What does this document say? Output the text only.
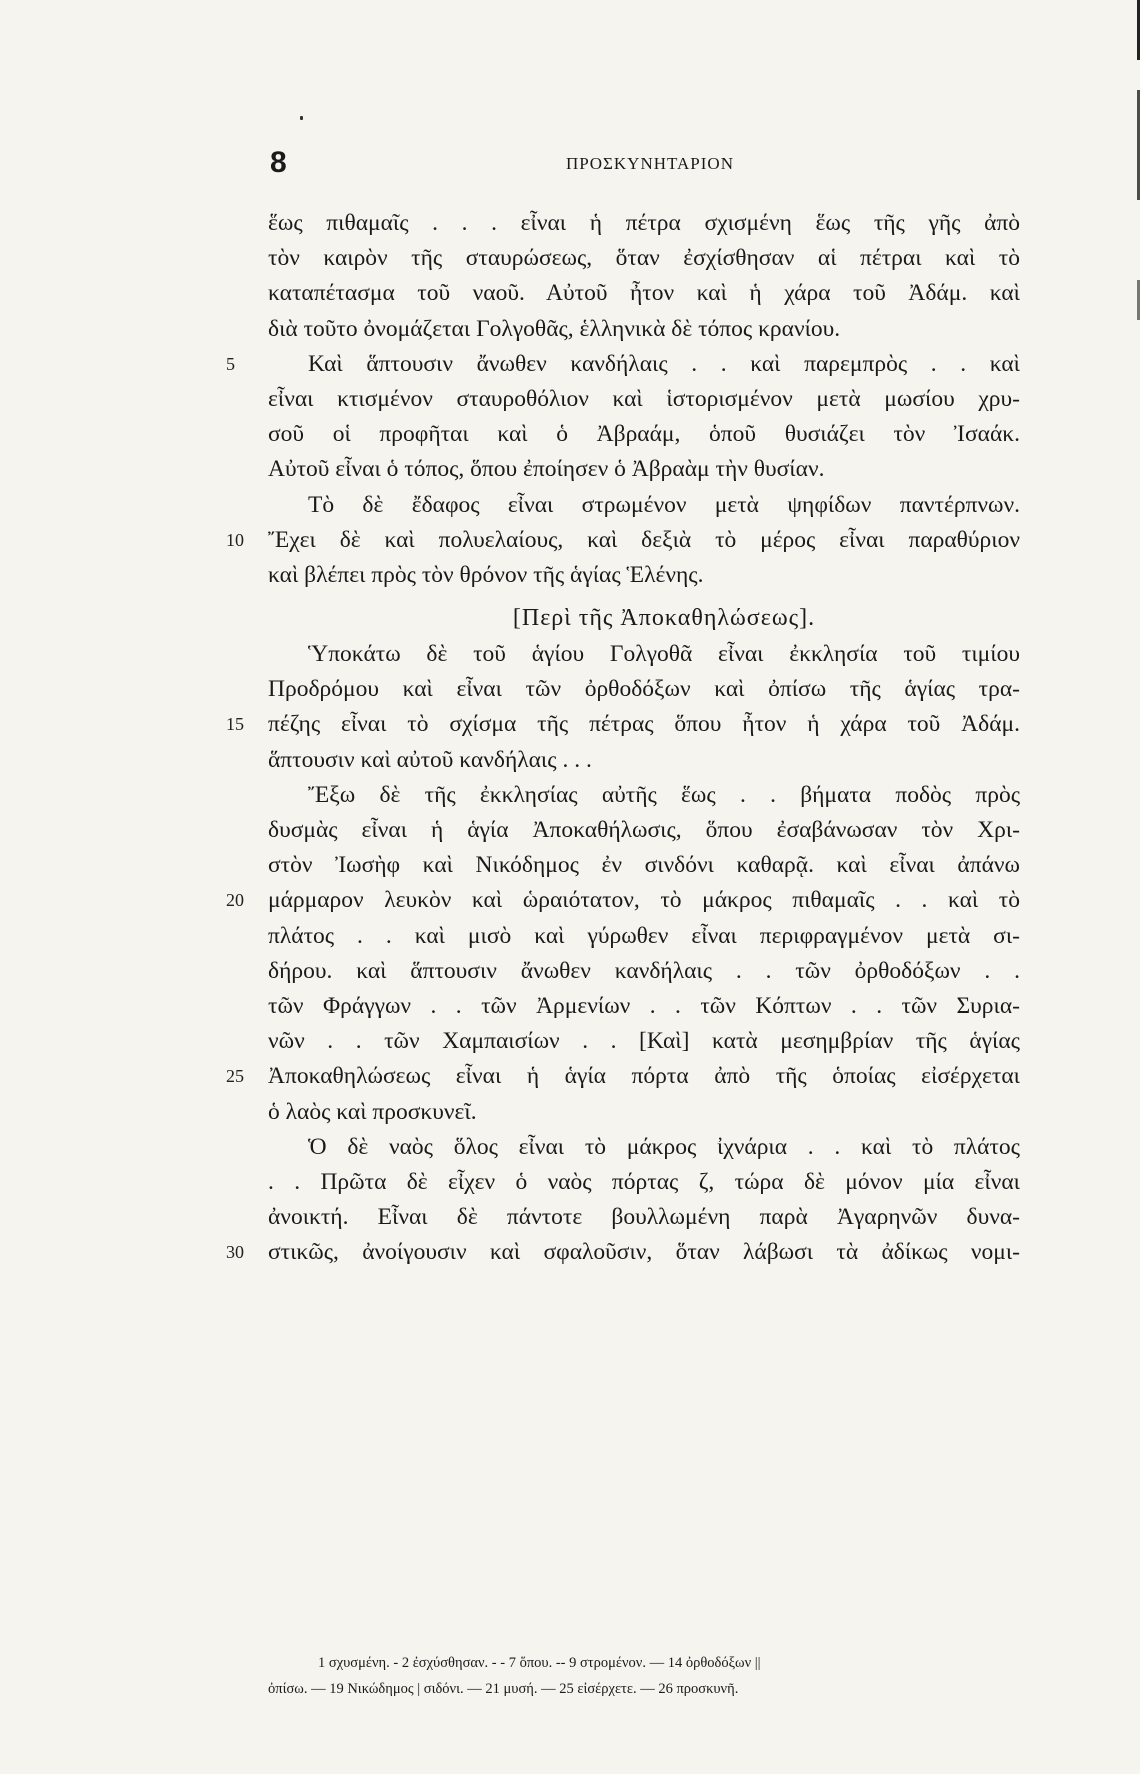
8	ΠΡΟΣΚΥΝΗΤΑΡΙΟΝ
ἕως πιθαμαῖς . . . εἶναι ἡ πέτρα σχισμένη ἕως τῆς γῆς ἀπὸ
τὸν καιρὸν τῆς σταυρώσεως, ὅταν ἐσχίσθησαν αἱ πέτραι καὶ τὸ
καταπέτασμα τοῦ ναοῦ. Αὐτοῦ ἦτον καὶ ἡ χάρα τοῦ Ἀδάμ. καὶ
διὰ τοῦτο ὀνομάζεται Γολγοθᾶς, ἑλληνικὰ δὲ τόπος κρανίου.
5	Καὶ ἅπτουσιν ἄνωθεν κανδήλαις . . καὶ παρεμπρὸς . . καὶ
εἶναι κτισμένον σταυροθόλιον καὶ ἱστορισμένον μετὰ μωσίου χρυ-
σοῦ οἱ προφῆται καὶ ὁ Ἀβραάμ, ὁποῦ θυσιάζει τὸν Ἰσαάκ.
Αὐτοῦ εἶναι ὁ τόπος, ὅπου ἐποίησεν ὁ Ἀβραὰμ τὴν θυσίαν.
Τὸ δὲ ἔδαφος εἶναι στρωμένον μετὰ ψηφίδων παντέρπνων.
10	Ἔχει δὲ καὶ πολυελαίους, καὶ δεξιὰ τὸ μέρος εἶναι παραθύριον
καὶ βλέπει πρὸς τὸν θρόνον τῆς ἁγίας Ἑλένης.
[Περὶ τῆς Ἀποκαθηλώσεως].
Ὑποκάτω δὲ τοῦ ἁγίου Γολγοθᾶ εἶναι ἐκκλησία τοῦ τιμίου
Προδρόμου καὶ εἶναι τῶν ὀρθοδόξων καὶ ὀπίσω τῆς ἁγίας τρα-
15	πέζης εἶναι τὸ σχίσμα τῆς πέτρας ὅπου ἦτον ἡ χάρα τοῦ Ἀδάμ.
ἅπτουσιν καὶ αὐτοῦ κανδήλαις . . .
Ἔξω δὲ τῆς ἐκκλησίας αὐτῆς ἕως . . βήματα ποδὸς πρὸς
δυσμὰς εἶναι ἡ ἁγία Ἀποκαθήλωσις, ὅπου ἐσαβάνωσαν τὸν Χρι-
στὸν Ἰωσὴφ καὶ Νικόδημος ἐν σινδόνι καθαρᾷ. καὶ εἶναι ἀπάνω
20	μάρμαρον λευκὸν καὶ ὡραιότατον, τὸ μάκρος πιθαμαῖς . . καὶ τὸ
πλάτος . . καὶ μισὸ καὶ γύρωθεν εἶναι περιφραγμένον μετὰ σι-
δήρου. καὶ ἅπτουσιν ἄνωθεν κανδήλαις . . τῶν ὀρθοδόξων . .
τῶν Φράγγων . . τῶν Ἀρμενίων . . τῶν Κόπτων . . τῶν Συρια-
νῶν . . τῶν Χαμπαισίων . . [Καὶ] κατὰ μεσημβρίαν τῆς ἁγίας
25	Ἀποκαθηλώσεως εἶναι ἡ ἁγία πόρτα ἀπὸ τῆς ὁποίας εἰσέρχεται
ὁ λαὸς καὶ προσκυνεῖ.
Ὁ δὲ ναὸς ὅλος εἶναι τὸ μάκρος ἰχνάρια . . καὶ τὸ πλάτος
. . Πρῶτα δὲ εἶχεν ὁ ναὸς πόρτας ζ, τώρα δὲ μόνον μία εἶναι
ἀνοικτή. Εἶναι δὲ πάντοτε βουλλωμένη παρὰ Ἀγαρηνῶν δυνα-
30	στικῶς, ἀνοίγουσιν καὶ σφαλοῦσιν, ὅταν λάβωσι τὰ ἀδίκως νομι-
1 σχυσμένη. - 2 ἐσχύσθησαν. - - 7 ὅπου. -- 9 στρομένον. — 14 ὀρθοδόξων ||
ὀπίσω. — 19 Νικώδημος | σιδόνι. — 21 μυσή. — 25 εἰσέρχετε. — 26 προσκυνῆ.
